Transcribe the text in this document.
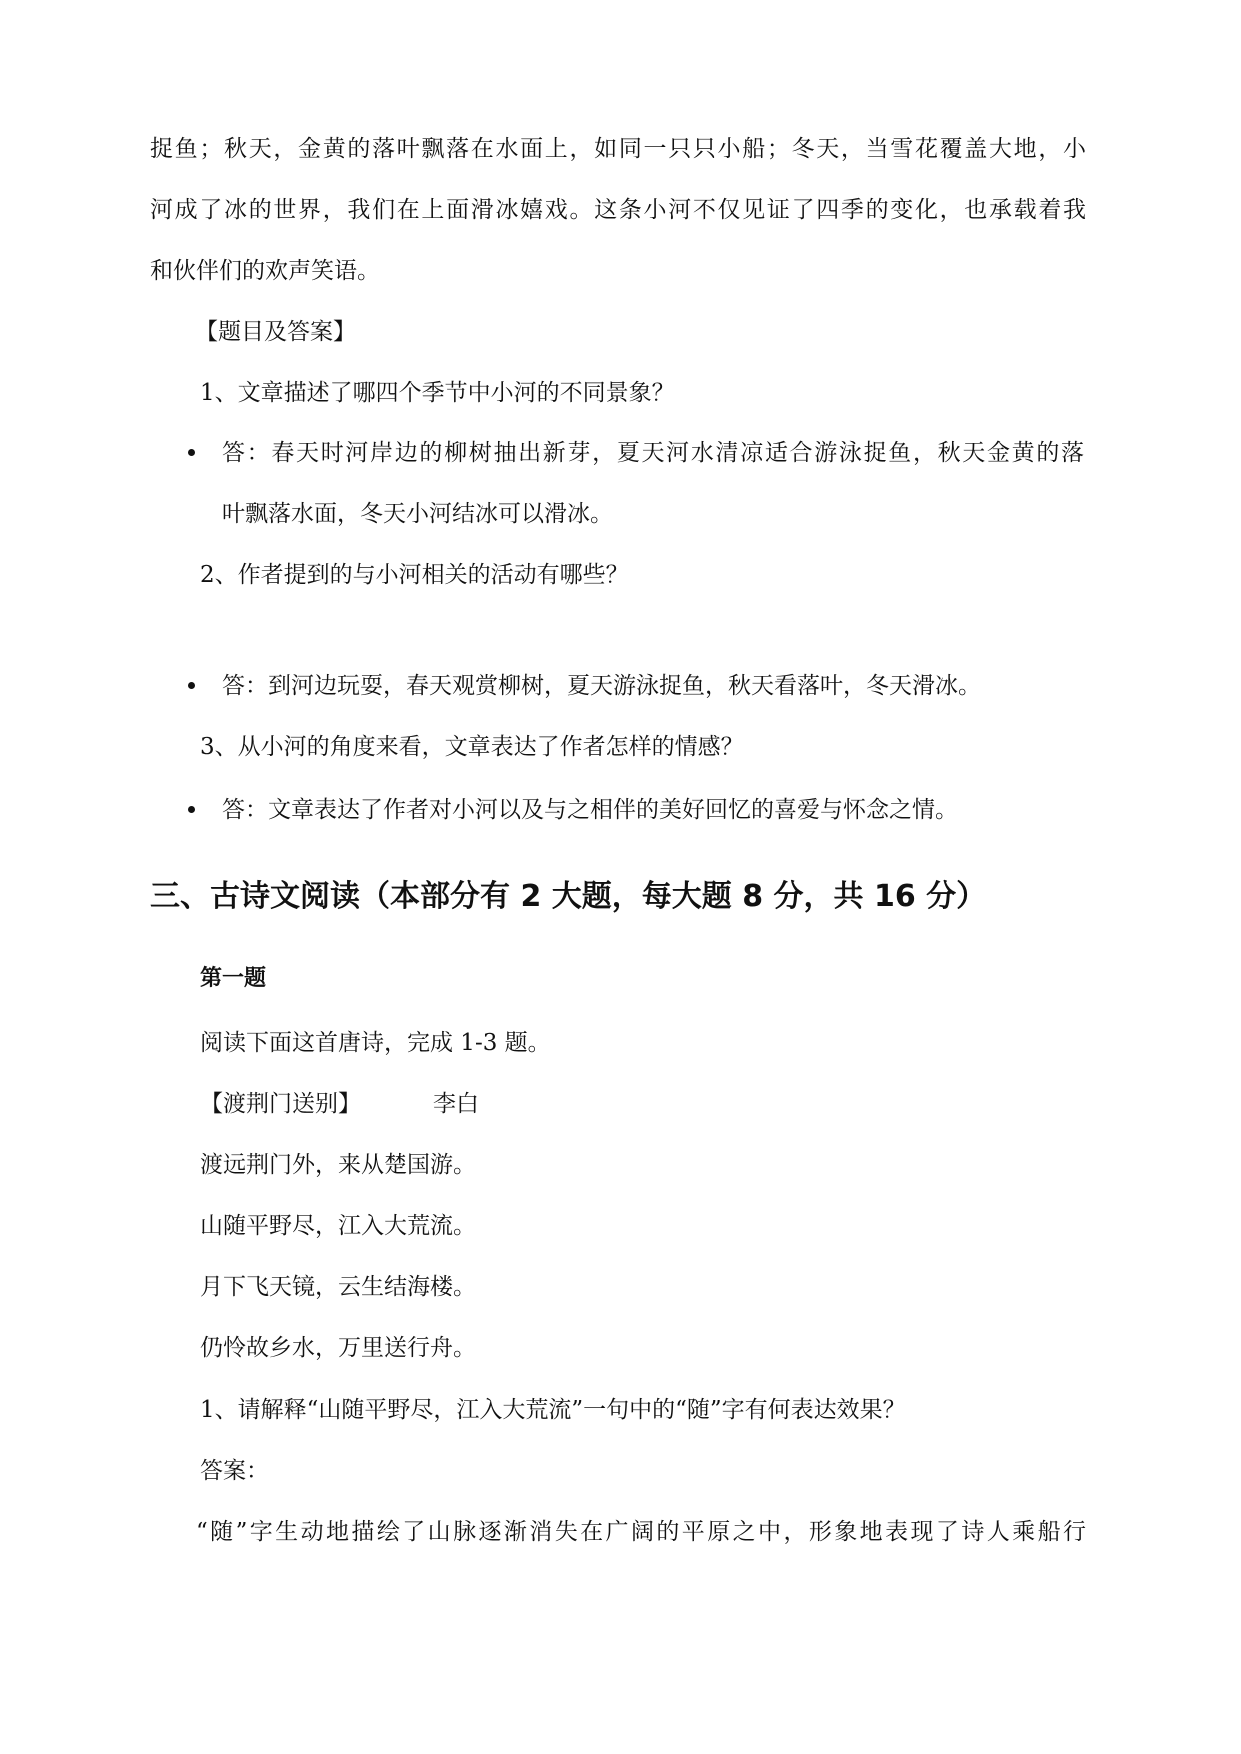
捉鱼；秋天，金黄的落叶飘落在水面上，如同一只只小船；冬天，当雪花覆盖大地，小
河成了冰的世界，我们在上面滑冰嬉戏。这条小河不仅见证了四季的变化，也承载着我
和伙伴们的欢声笑语。
【题目及答案】
1、文章描述了哪四个季节中小河的不同景象？
答：春天时河岸边的柳树抽出新芽，夏天河水清凉适合游泳捉鱼，秋天金黄的落
叶飘落水面，冬天小河结冰可以滑冰。
2、作者提到的与小河相关的活动有哪些？
答：到河边玩耍，春天观赏柳树，夏天游泳捉鱼，秋天看落叶，冬天滑冰。
3、从小河的角度来看，文章表达了作者怎样的情感？
答：文章表达了作者对小河以及与之相伴的美好回忆的喜爱与怀念之情。
三、古诗文阅读（本部分有 2 大题，每大题 8 分，共 16 分）
第一题
阅读下面这首唐诗，完成 1-3 题。
【渡荆门送别】	李白
渡远荆门外，来从楚国游。
山随平野尽，江入大荒流。
月下飞天镜，云生结海楼。
仍怜故乡水，万里送行舟。
1、请解释“山随平野尽，江入大荒流”一句中的“随”字有何表达效果？
答案：
“随”字生动地描绘了山脉逐渐消失在广阔的平原之中，形象地表现了诗人乘船行
